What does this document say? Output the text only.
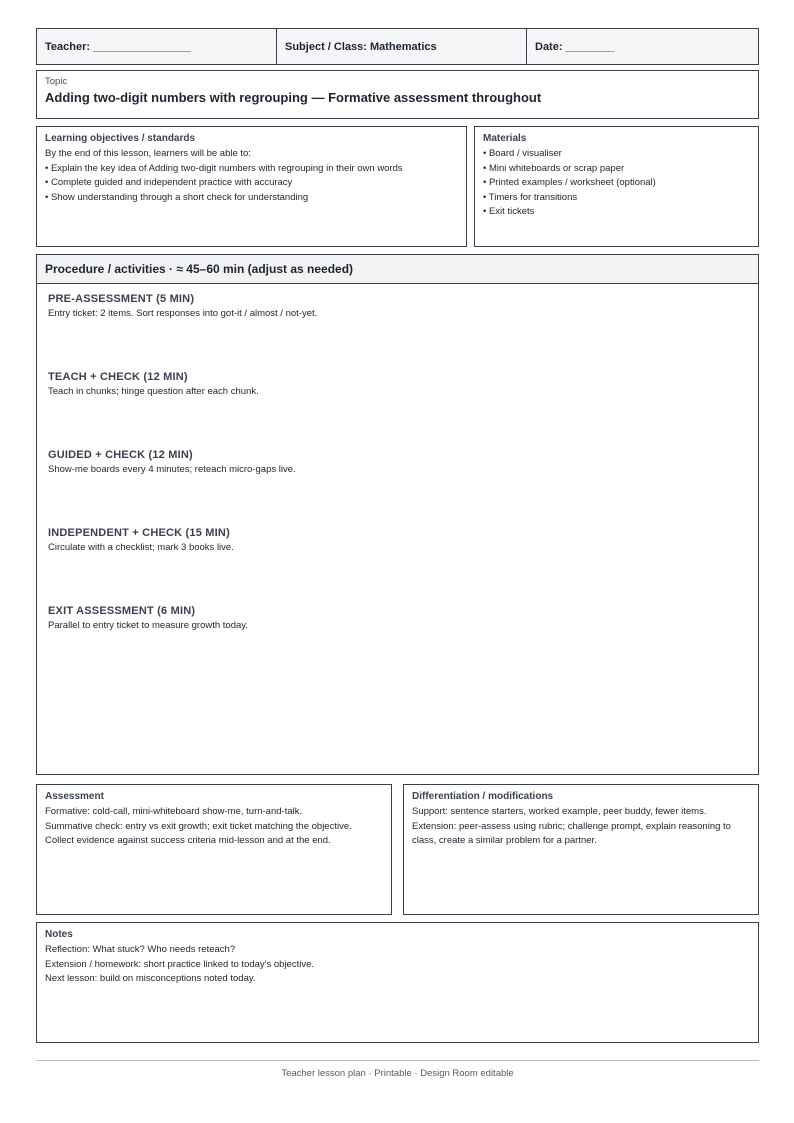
Teacher: ________________	Subject / Class: Mathematics	Date: ________
Topic
Adding two-digit numbers with regrouping — Formative assessment throughout
Learning objectives / standards
By the end of this lesson, learners will be able to:
• Explain the key idea of Adding two-digit numbers with regrouping in their own words
• Complete guided and independent practice with accuracy
• Show understanding through a short check for understanding
Materials
• Board / visualiser
• Mini whiteboards or scrap paper
• Printed examples / worksheet (optional)
• Timers for transitions
• Exit tickets
Procedure / activities · ≈ 45–60 min (adjust as needed)
PRE-ASSESSMENT (5 MIN)
Entry ticket: 2 items. Sort responses into got-it / almost / not-yet.
TEACH + CHECK (12 MIN)
Teach in chunks; hinge question after each chunk.
GUIDED + CHECK (12 MIN)
Show-me boards every 4 minutes; reteach micro-gaps live.
INDEPENDENT + CHECK (15 MIN)
Circulate with a checklist; mark 3 books live.
EXIT ASSESSMENT (6 MIN)
Parallel to entry ticket to measure growth today.
Assessment
Formative: cold-call, mini-whiteboard show-me, turn-and-talk.
Summative check: entry vs exit growth; exit ticket matching the objective.
Collect evidence against success criteria mid-lesson and at the end.
Differentiation / modifications
Support: sentence starters, worked example, peer buddy, fewer items. Extension: peer-assess using rubric; challenge prompt, explain reasoning to class, create a similar problem for a partner.
Notes
Reflection: What stuck? Who needs reteach?
Extension / homework: short practice linked to today's objective.
Next lesson: build on misconceptions noted today.
Teacher lesson plan · Printable · Design Room editable
